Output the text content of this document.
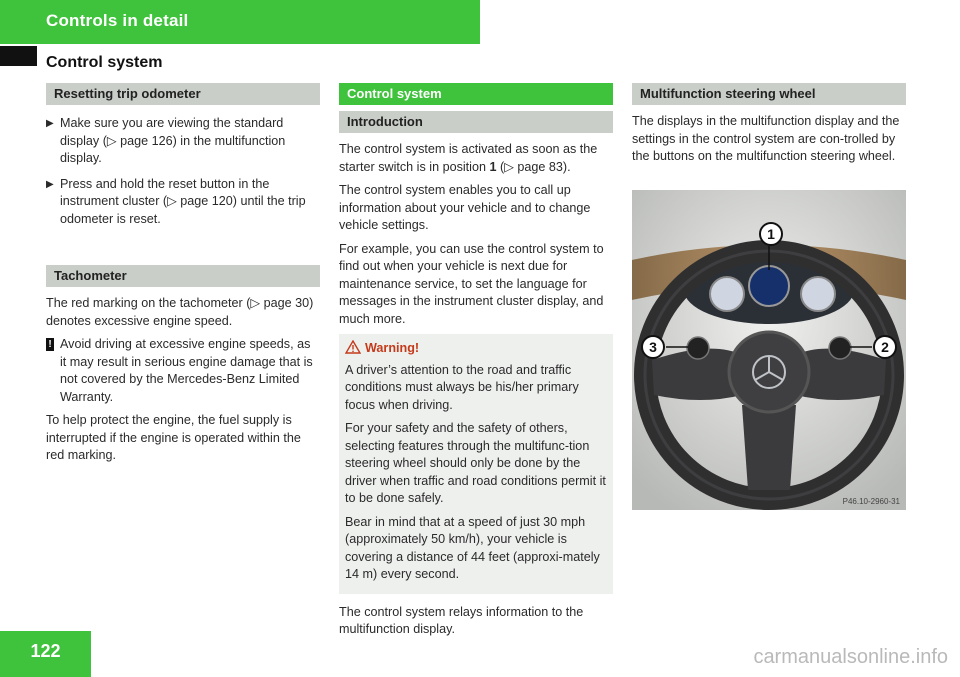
Controls in detail
Control system
Resetting trip odometer
▶ Make sure you are viewing the standard display (▷ page 126) in the multifunction display.
▶ Press and hold the reset button in the instrument cluster (▷ page 120) until the trip odometer is reset.
Tachometer

The red marking on the tachometer (▷ page 30) denotes excessive engine speed.

! Avoid driving at excessive engine speeds, as it may result in serious engine damage that is not covered by the Mercedes-Benz Limited Warranty.

To help protect the engine, the fuel supply is interrupted if the engine is operated within the red marking.

Control system
Introduction

The control system is activated as soon as the starter switch is in position 1 (▷ page 83).

The control system enables you to call up information about your vehicle and to change vehicle settings.

For example, you can use the control system to find out when your vehicle is next due for maintenance service, to set the language for messages in the instrument cluster display, and much more.

Warning!

A driver’s attention to the road and traffic conditions must always be his/her primary focus when driving.

For your safety and the safety of others, selecting features through the multifunc-tion steering wheel should only be done by the driver when traffic and road conditions permit it to be done safely.

Bear in mind that at a speed of just 30 mph (approximately 50 km/h), your vehicle is covering a distance of 44 feet (approxi-mately 14 m) every second.

The control system relays information to the multifunction display.

Multifunction steering wheel

The displays in the multifunction display and the settings in the control system are con-trolled by the buttons on the multifunction steering wheel.

1
2
3
P46.10-2960-31
122	carmanualsonline.info
